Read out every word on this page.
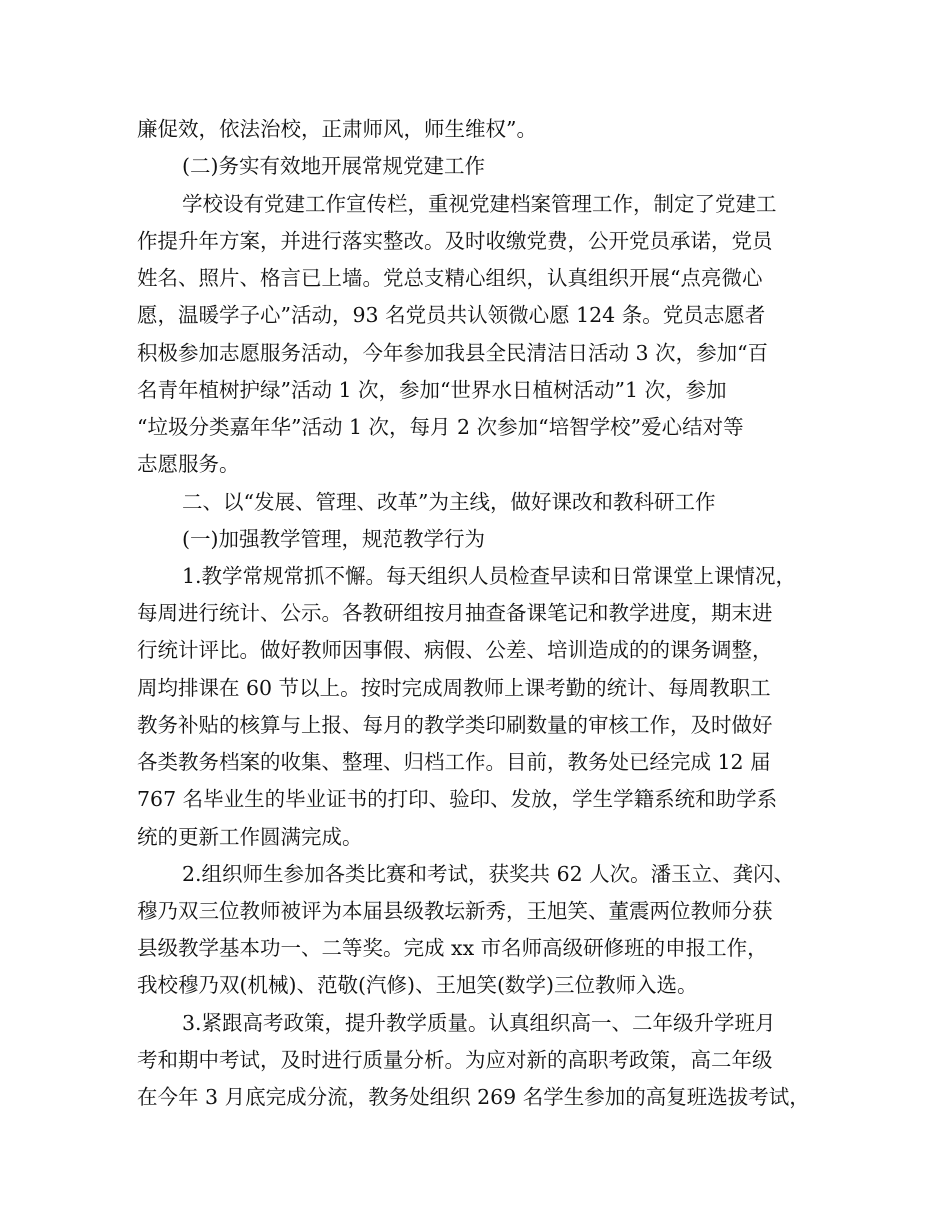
廉促效，依法治校，正肃师风，师生维权”。
(二)务实有效地开展常规党建工作
学校设有党建工作宣传栏，重视党建档案管理工作，制定了党建工
作提升年方案，并进行落实整改。及时收缴党费，公开党员承诺，党员
姓名、照片、格言已上墙。党总支精心组织，认真组织开展“点亮微心
愿，温暖学子心”活动，93 名党员共认领微心愿 124 条。党员志愿者
积极参加志愿服务活动，今年参加我县全民清洁日活动 3 次，参加“百
名青年植树护绿”活动 1 次，参加“世界水日植树活动”1 次，参加
“垃圾分类嘉年华”活动 1 次，每月 2 次参加“培智学校”爱心结对等
志愿服务。
二、以“发展、管理、改革”为主线，做好课改和教科研工作
(一)加强教学管理，规范教学行为
1.教学常规常抓不懈。每天组织人员检查早读和日常课堂上课情况，
每周进行统计、公示。各教研组按月抽查备课笔记和教学进度，期末进
行统计评比。做好教师因事假、病假、公差、培训造成的的课务调整，
周均排课在 60 节以上。按时完成周教师上课考勤的统计、每周教职工
教务补贴的核算与上报、每月的教学类印刷数量的审核工作，及时做好
各类教务档案的收集、整理、归档工作。目前，教务处已经完成 12 届
767 名毕业生的毕业证书的打印、验印、发放，学生学籍系统和助学系
统的更新工作圆满完成。
2.组织师生参加各类比赛和考试，获奖共 62 人次。潘玉立、龚闪、
穆乃双三位教师被评为本届县级教坛新秀，王旭笑、董震两位教师分获
县级教学基本功一、二等奖。完成 xx 市名师高级研修班的申报工作，
我校穆乃双(机械)、范敬(汽修)、王旭笑(数学)三位教师入选。
3.紧跟高考政策，提升教学质量。认真组织高一、二年级升学班月
考和期中考试，及时进行质量分析。为应对新的高职考政策，高二年级
在今年 3 月底完成分流，教务处组织 269 名学生参加的高复班选拔考试，
